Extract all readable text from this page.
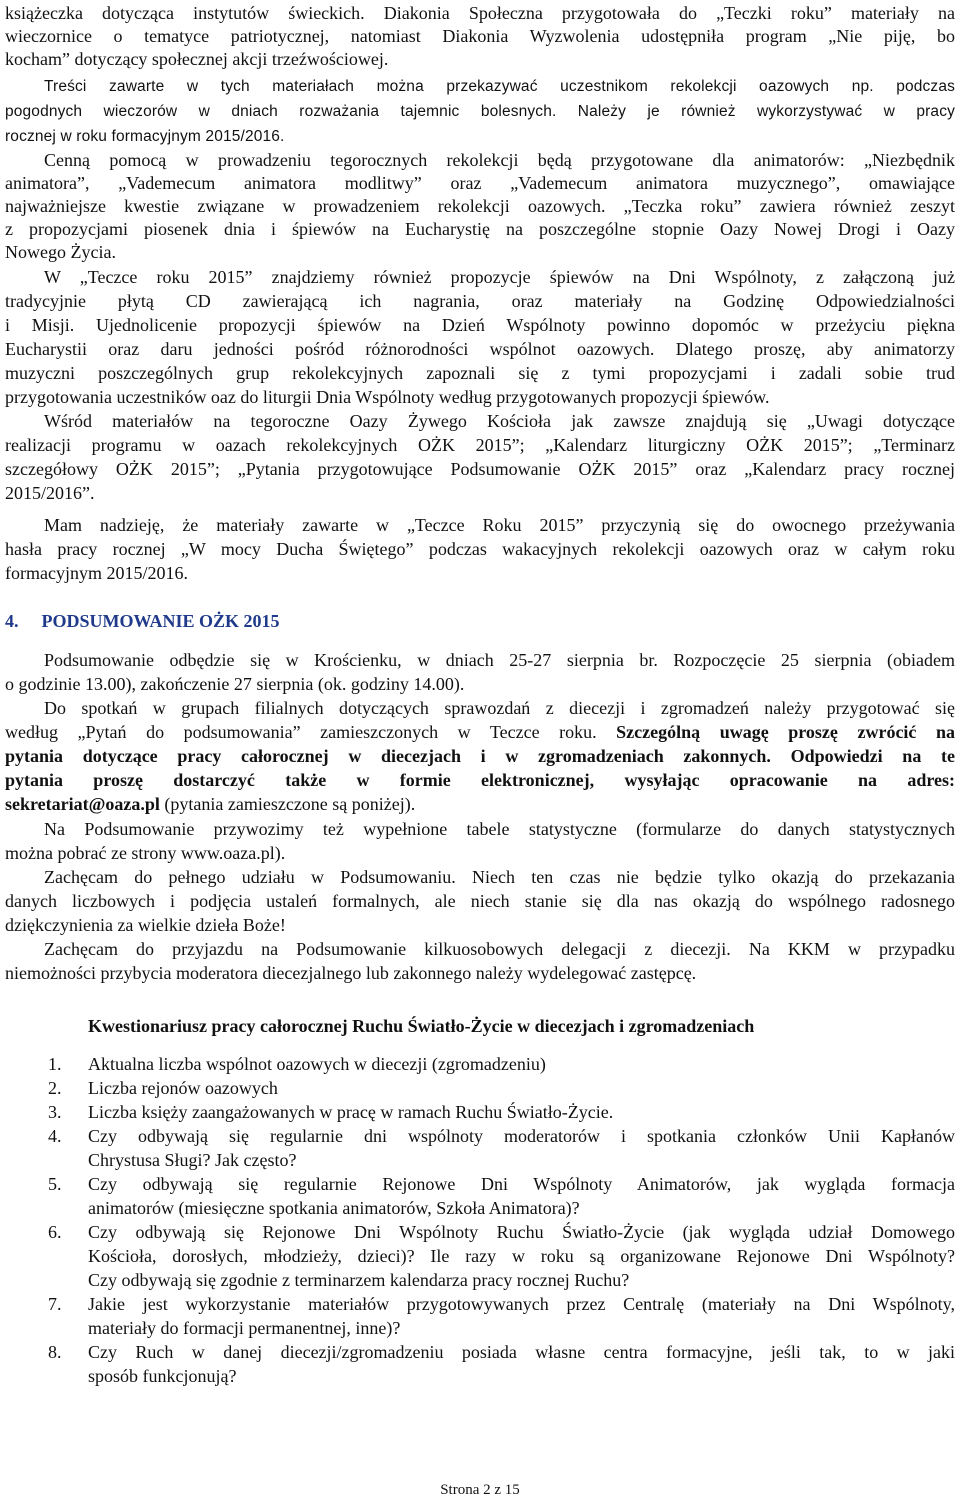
książeczka dotycząca instytutów świeckich. Diakonia Społeczna przygotowała do „Teczki roku” materiały na
wieczornice o tematyce patriotycznej, natomiast Diakonia Wyzwolenia udostępniła program „Nie piję, bo
kocham” dotyczący społecznej akcji trzeźwościowej.
Treści zawarte w tych materiałach można przekazywać uczestnikom rekolekcji oazowych np. podczas
pogodnych wieczorów w dniach rozważania tajemnic bolesnych. Należy je również wykorzystywać w pracy
rocznej w roku formacyjnym 2015/2016.
Cenną pomocą w prowadzeniu tegorocznych rekolekcji będą przygotowane dla animatorów: „Niezbędnik
animatora”, „Vademecum animatora modlitwy” oraz „Vademecum animatora muzycznego”, omawiające
najważniejsze kwestie związane w prowadzeniem rekolekcji oazowych. „Teczka roku” zawiera również zeszyt
z propozycjami piosenek dnia i śpiewów na Eucharystię na poszczególne stopnie Oazy Nowej Drogi i Oazy
Nowego Życia.
W „Teczce roku 2015” znajdziemy również propozycje śpiewów na Dni Wspólnoty, z załączoną już
tradycyjnie płytą CD zawierającą ich nagrania, oraz materiały na Godzinę Odpowiedzialności
i Misji. Ujednolicenie propozycji śpiewów na Dzień Wspólnoty powinno dopomóc w przeżyciu piękna
Eucharystii oraz daru jedności pośród różnorodności wspólnot oazowych. Dlatego proszę, aby animatorzy
muzyczni poszczególnych grup rekolekcyjnych zapoznali się z tymi propozycjami i zadali sobie trud
przygotowania uczestników oaz do liturgii Dnia Wspólnoty według przygotowanych propozycji śpiewów.
Wśród materiałów na tegoroczne Oazy Żywego Kościoła jak zawsze znajdują się „Uwagi dotyczące
realizacji programu w oazach rekolekcyjnych OŻK 2015”; „Kalendarz liturgiczny OŻK 2015”; „Terminarz
szczegółowy OŻK 2015”; „Pytania przygotowujące Podsumowanie OŻK 2015” oraz „Kalendarz pracy rocznej
2015/2016”.
Mam nadzieję, że materiały zawarte w „Teczce Roku 2015” przyczynią się do owocnego przeżywania
hasła pracy rocznej „W mocy Ducha Świętego” podczas wakacyjnych rekolekcji oazowych oraz w całym roku
formacyjnym 2015/2016.
4. PODSUMOWANIE OŻK 2015
Podsumowanie odbędzie się w Krościenku, w dniach 25-27 sierpnia br. Rozpoczęcie 25 sierpnia (obiadem
o godzinie 13.00), zakończenie 27 sierpnia (ok. godziny 14.00).
Do spotkań w grupach filialnych dotyczących sprawozdań z diecezji i zgromadzeń należy przygotować się
według „Pytań do podsumowania” zamieszczonych w Teczce roku. Szczególną uwagę proszę zwrócić na
pytania dotyczące pracy całorocznej w diecezjach i w zgromadzeniach zakonnych. Odpowiedzi na te
pytania proszę dostarczyć także w formie elektronicznej, wysyłając opracowanie na adres:
sekretariat@oaza.pl (pytania zamieszczone są poniżej).
Na Podsumowanie przywozimy też wypełnione tabele statystyczne (formularze do danych statystycznych
można pobrać ze strony www.oaza.pl).
Zachęcam do pełnego udziału w Podsumowaniu. Niech ten czas nie będzie tylko okazją do przekazania
danych liczbowych i podjęcia ustaleń formalnych, ale niech stanie się dla nas okazją do wspólnego radosnego
dziękczynienia za wielkie dzieła Boże!
Zachęcam do przyjazdu na Podsumowanie kilkuosobowych delegacji z diecezji. Na KKM w przypadku
niemożności przybycia moderatora diecezjalnego lub zakonnego należy wydelegować zastępcę.
Kwestionariusz pracy całorocznej Ruchu Światło-Życie w diecezjach i zgromadzeniach
1. Aktualna liczba wspólnot oazowych w diecezji (zgromadzeniu)
2. Liczba rejonów oazowych
3. Liczba księży zaangażowanych w pracę w ramach Ruchu Światło-Życie.
4. Czy odbywają się regularnie dni wspólnoty moderatorów i spotkania członków Unii Kapłanów
Chrystusa Sługi? Jak często?
5. Czy odbywają się regularnie Rejonowe Dni Wspólnoty Animatorów, jak wygląda formacja
animatorów (miesięczne spotkania animatorów, Szkoła Animatora)?
6. Czy odbywają się Rejonowe Dni Wspólnoty Ruchu Światło-Życie (jak wygląda udział Domowego
Kościoła, dorosłych, młodzieży, dzieci)? Ile razy w roku są organizowane Rejonowe Dni Wspólnoty?
Czy odbywają się zgodnie z terminarzem kalendarza pracy rocznej Ruchu?
7. Jakie jest wykorzystanie materiałów przygotowywanych przez Centralę (materiały na Dni Wspólnoty,
materiały do formacji permanentnej, inne)?
8. Czy Ruch w danej diecezji/zgromadzeniu posiada własne centra formacyjne, jeśli tak, to w jaki
sposób funkcjonują?
Strona 2 z 15
